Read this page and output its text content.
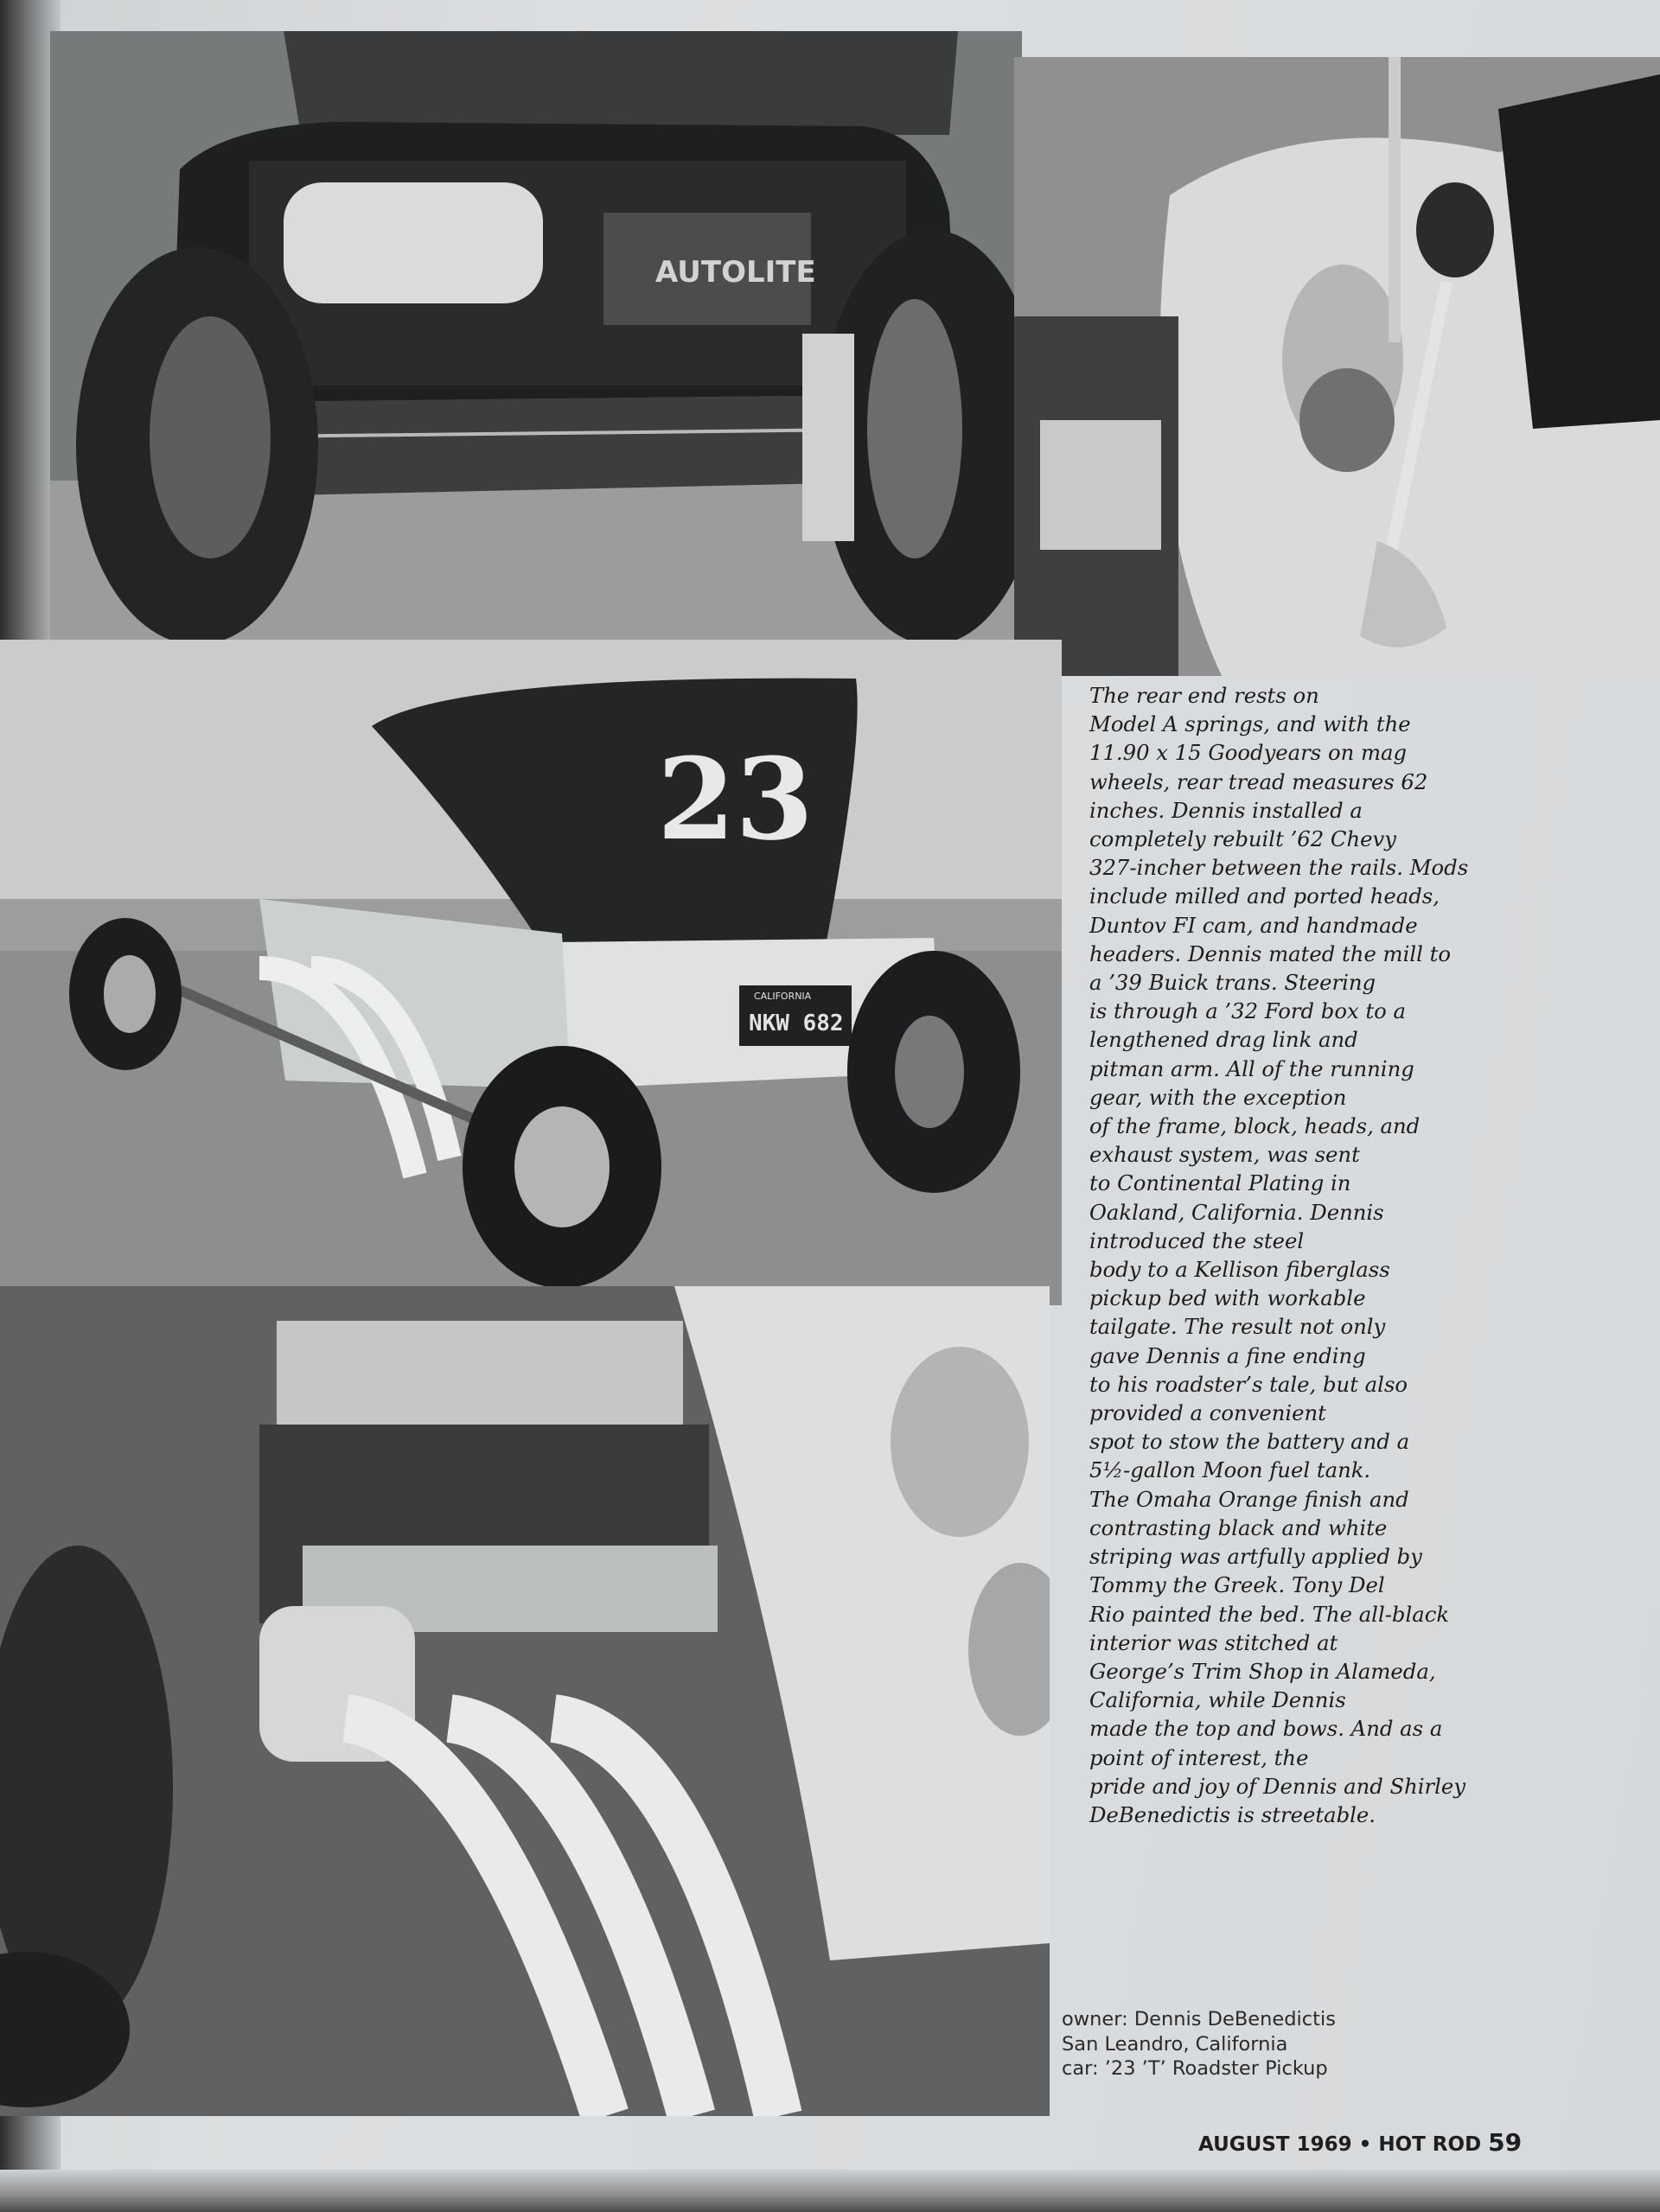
AUTOLITE
23
CALIFORNIA
NKW 682
The rear end rests on
Model A springs, and with the
11.90 x 15 Goodyears on mag
wheels, rear tread measures 62
inches. Dennis installed a
completely rebuilt ’62 Chevy
327-incher between the rails. Mods
include milled and ported heads,
Duntov FI cam, and handmade
headers. Dennis mated the mill to
a ’39 Buick trans. Steering
is through a ’32 Ford box to a
lengthened drag link and
pitman arm. All of the running
gear, with the exception
of the frame, block, heads, and
exhaust system, was sent
to Continental Plating in
Oakland, California. Dennis
introduced the steel
body to a Kellison fiberglass
pickup bed with workable
tailgate. The result not only
gave Dennis a fine ending
to his roadster’s tale, but also
provided a convenient
spot to stow the battery and a
5½-gallon Moon fuel tank.
The Omaha Orange finish and
contrasting black and white
striping was artfully applied by
Tommy the Greek. Tony Del
Rio painted the bed. The all-black
interior was stitched at
George’s Trim Shop in Alameda,
California, while Dennis
made the top and bows. And as a
point of interest, the
pride and joy of Dennis and Shirley
DeBenedictis is streetable.
owner: Dennis DeBenedictis
San Leandro, California
car: ’23 ’T’ Roadster Pickup
AUGUST 1969 • HOT ROD 59
